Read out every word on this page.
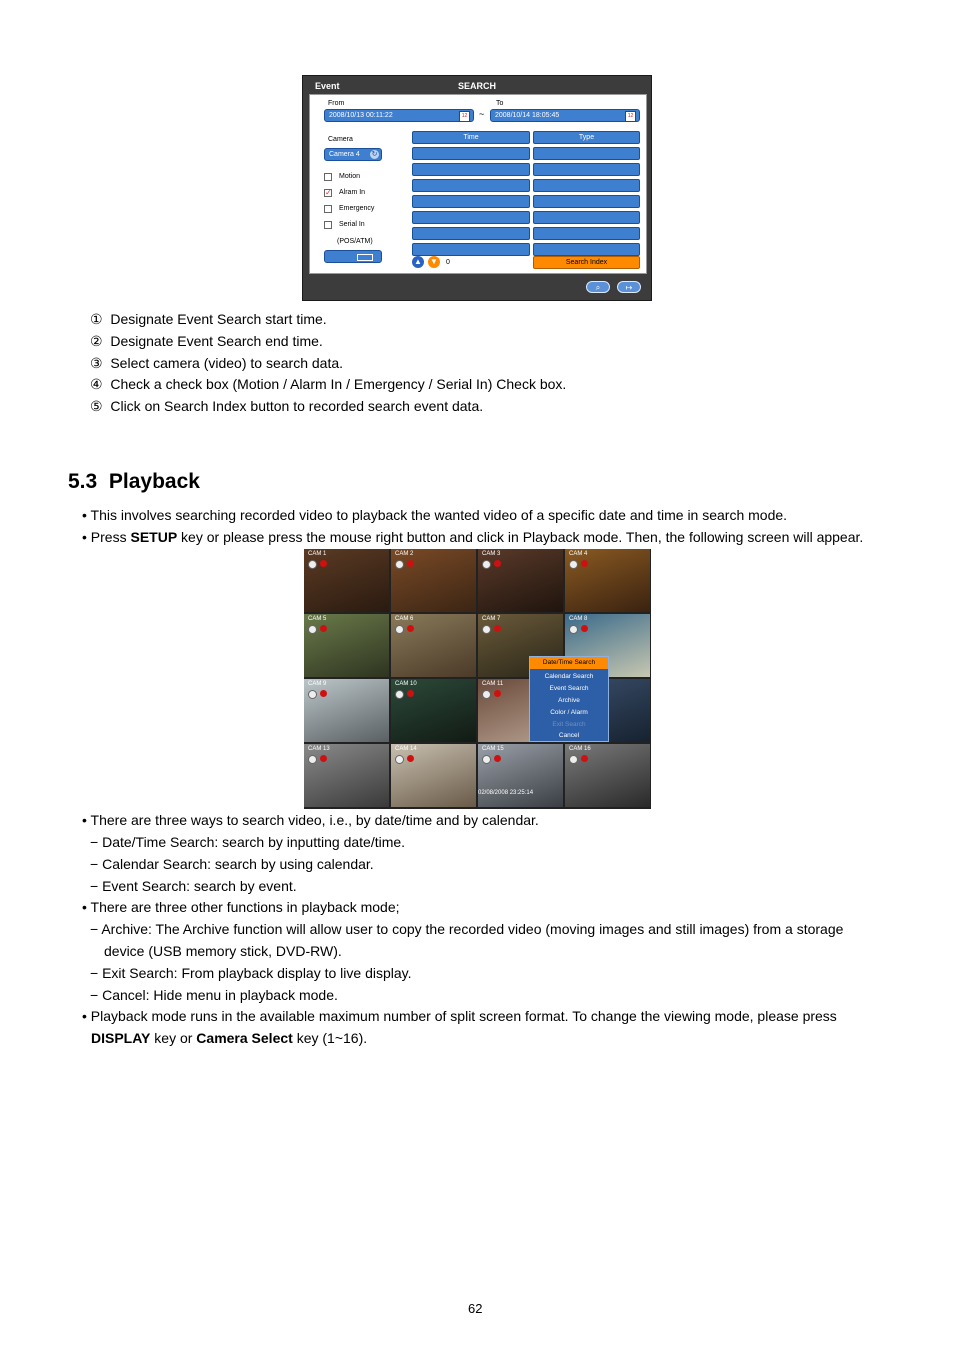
Event	SEARCH
From	To
2008/10/13 00:11:22	12	~	2008/10/14 18:05:45	12
Camera
Camera 4 ↻
Motion
✓ Alram In
Emergency
Serial In
(POS/ATM)
Time	Type
▲ ▼ 0	Search Index
⌕	↦
① Designate Event Search start time.
② Designate Event Search end time.
③ Select camera (video) to search data.
④ Check a check box (Motion / Alarm In / Emergency / Serial In) Check box.
⑤ Click on Search Index button to recorded search event data.
5.3 Playback
• This involves searching recorded video to playback the wanted video of a specific date and time in search mode.
• Press SETUP key or please press the mouse right button and click in Playback mode. Then, the following screen will appear.
CAM 1	CAM 2	CAM 3	CAM 4
CAM 5	CAM 6	CAM 7	CAM 8
CAM 9	CAM 10	CAM 11
CAM 13	CAM 14	CAM 15	CAM 16
Date/Time Search
Calendar Search
Event Search
Archive
Color / Alarm
Exit Search
Cancel
02/08/2008 23:25:14
• There are three ways to search video, i.e., by date/time and by calendar.
− Date/Time Search: search by inputting date/time.
− Calendar Search: search by using calendar.
− Event Search: search by event.
• There are three other functions in playback mode;
− Archive: The Archive function will allow user to copy the recorded video (moving images and still images) from a storage
device (USB memory stick, DVD-RW).
− Exit Search: From playback display to live display.
− Cancel: Hide menu in playback mode.
• Playback mode runs in the available maximum number of split screen format. To change the viewing mode, please press
DISPLAY key or Camera Select key (1~16).
62
